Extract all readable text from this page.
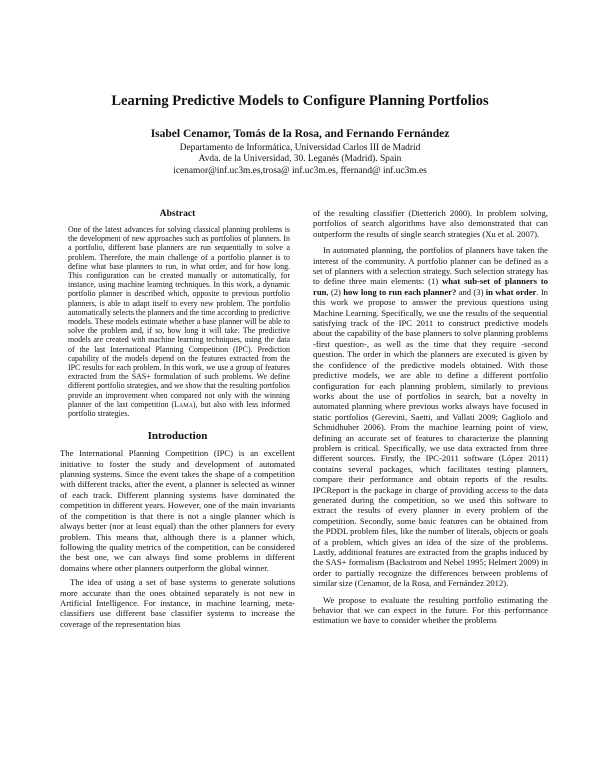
Learning Predictive Models to Configure Planning Portfolios
Isabel Cenamor, Tomás de la Rosa, and Fernando Fernández
Departamento de Informática, Universidad Carlos III de Madrid
Avda. de la Universidad, 30. Leganés (Madrid). Spain
icenamor@inf.uc3m.es,trosa@ inf.uc3m.es, ffernand@ inf.uc3m.es
Abstract
One of the latest advances for solving classical planning problems is the development of new approaches such as portfolios of planners. In a portfolio, different base planners are run sequentially to solve a problem. Therefore, the main challenge of a portfolio planner is to define what base planners to run, in what order, and for how long. This configuration can be created manually or automatically, for instance, using machine learning techniques. In this work, a dynamic portfolio planner is described which, opposite to previous portfolio planners, is able to adapt itself to every new problem. The portfolio automatically selects the planners and the time according to predictive models. These models estimate whether a base planner will be able to solve the problem and, if so, how long it will take. The predictive models are created with machine learning techniques, using the data of the last International Planning Competition (IPC). Prediction capability of the models depend on the features extracted from the IPC results for each problem. In this work, we use a group of features extracted from the SAS+ formulation of such problems. We define different portfolio strategies, and we show that the resulting portfolios provide an improvement when compared not only with the winning planner of the last competition (Lama), but also with less informed portfolio strategies.
Introduction

The International Planning Competition (IPC) is an excellent initiative to foster the study and development of automated planning systems. Since the event takes the shape of a competition with different tracks, after the event, a planner is selected as winner of each track. Different planning systems have dominated the competition in different years. However, one of the main invariants of the competition is that there is not a single planner which is always better (nor at least equal) than the other planners for every problem. This means that, although there is a planner which, following the quality metrics of the competition, can be considered the best one, we can always find some problems in different domains where other planners outperform the global winner.

The idea of using a set of base systems to generate solutions more accurate than the ones obtained separately is not new in Artificial Intelligence. For instance, in machine learning, meta-classifiers use different base classifier systems to increase the coverage of the representation bias

of the resulting classifier (Dietterich 2000). In problem solving, portfolios of search algorithms have also demonstrated that can outperform the results of single search strategies (Xu et al. 2007).

In automated planning, the portfolios of planners have taken the interest of the community. A portfolio planner can be defined as a set of planners with a selection strategy. Such selection strategy has to define three main elements: (1) what sub-set of planners to run, (2) how long to run each planner? and (3) in what order. In this work we propose to answer the previous questions using Machine Learning. Specifically, we use the results of the sequential satisfying track of the IPC 2011 to construct predictive models about the capability of the base planners to solve planning problems -first question-, as well as the time that they require -second question. The order in which the planners are executed is given by the confidence of the predictive models obtained. With those predictive models, we are able to define a different portfolio configuration for each planning problem, similarly to previous works about the use of portfolios in search, but a novelty in automated planning where previous works always have focused in static portfolios (Gerevini, Saetti, and Vallati 2009; Gagliolo and Schmidhuber 2006). From the machine learning point of view, defining an accurate set of features to characterize the planning problem is critical. Specifically, we use data extracted from three different sources. Firstly, the IPC-2011 software (López 2011) contains several packages, which facilitates testing planners, compare their performance and obtain reports of the results. IPCReport is the package in charge of providing access to the data generated during the competition, so we used this software to extract the results of every planner in every problem of the competition. Secondly, some basic features can be obtained from the PDDL problem files, like the number of literals, objects or goals of a problem, which gives an idea of the size of the problems. Lastly, additional features are extracted from the graphs induced by the SAS+ formalism (Backstrom and Nebel 1995; Helmert 2009) in order to partially recognize the differences between problems of similar size (Cenamor, de la Rosa, and Fernández 2012).

We propose to evaluate the resulting portfolio estimating the behavior that we can expect in the future. For this performance estimation we have to consider whether the problems
